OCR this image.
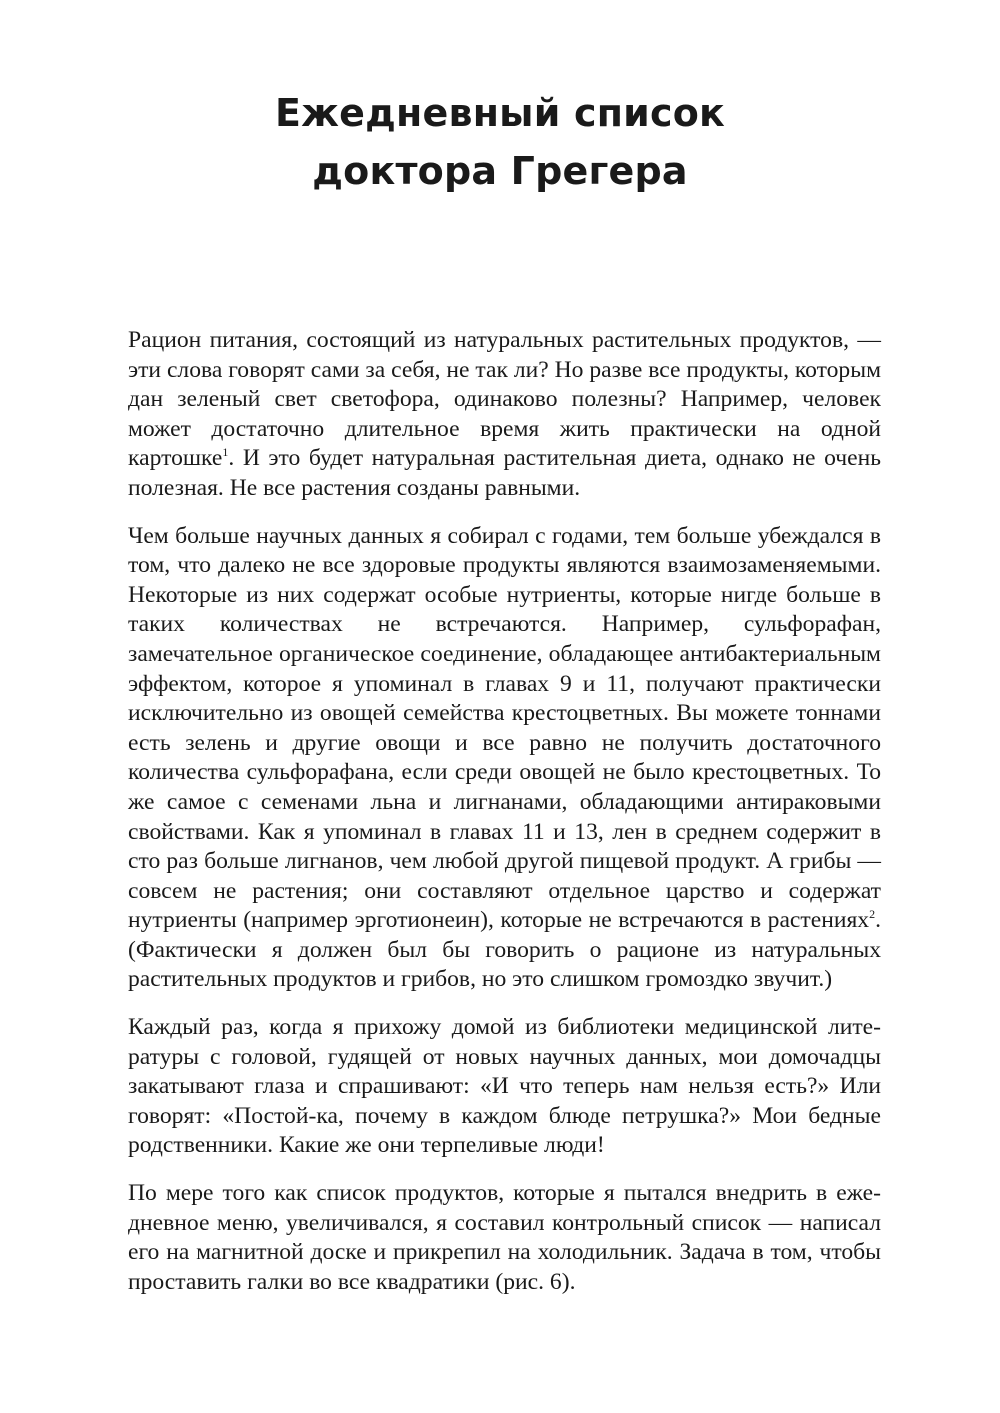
Ежедневный список
доктора Грегера

Рацион питания, состоящий из натуральных растительных продуктов, — эти слова говорят сами за себя, не так ли? Но разве все продукты, которым дан зеленый свет светофора, одинаково полезны? Например, человек может достаточно длительное время жить практически на одной картошке$^1$. И это будет натуральная растительная диета, однако не очень полезная. Не все растения созданы равными.

Чем больше научных данных я собирал с годами, тем больше убеждался в том, что далеко не все здоровые продукты являются взаимозаменяемыми. Некоторые из них содержат особые нутриенты, которые нигде больше в таких количествах не встречаются. Например, сульфорафан, замечательное органическое соединение, обладающее антибактериальным эффектом, которое я упоминал в главах 9 и 11, получают практически исключительно из овощей семейства крестоцветных. Вы можете тоннами есть зелень и другие овощи и все равно не получить достаточного количества сульфорафана, если среди овощей не было крестоцветных. То же самое с семенами льна и лигнанами, обладающими антираковыми свойствами. Как я упоминал в главах 11 и 13, лен в среднем содержит в сто раз больше лигнанов, чем любой другой пищевой продукт. А грибы — совсем не растения; они составляют отдельное царство и содержат нутриенты (например эрготионеин), которые не встречаются в растениях$^2$. (Фактически я должен был бы говорить о рационе из натуральных растительных продуктов и грибов, но это слишком громоздко звучит.)

Каждый раз, когда я прихожу домой из библиотеки медицинской литературы с головой, гудящей от новых научных данных, мои домочадцы закатывают глаза и спрашивают: «И что теперь нам нельзя есть?» Или говорят: «Постой-ка, почему в каждом блюде петрушка?» Мои бедные родственники. Какие же они терпеливые люди!

По мере того как список продуктов, которые я пытался внедрить в ежедневное меню, увеличивался, я составил контрольный список — написал его на магнитной доске и прикрепил на холодильник. Задача в том, чтобы проставить галки во все квадратики (рис. 6).
